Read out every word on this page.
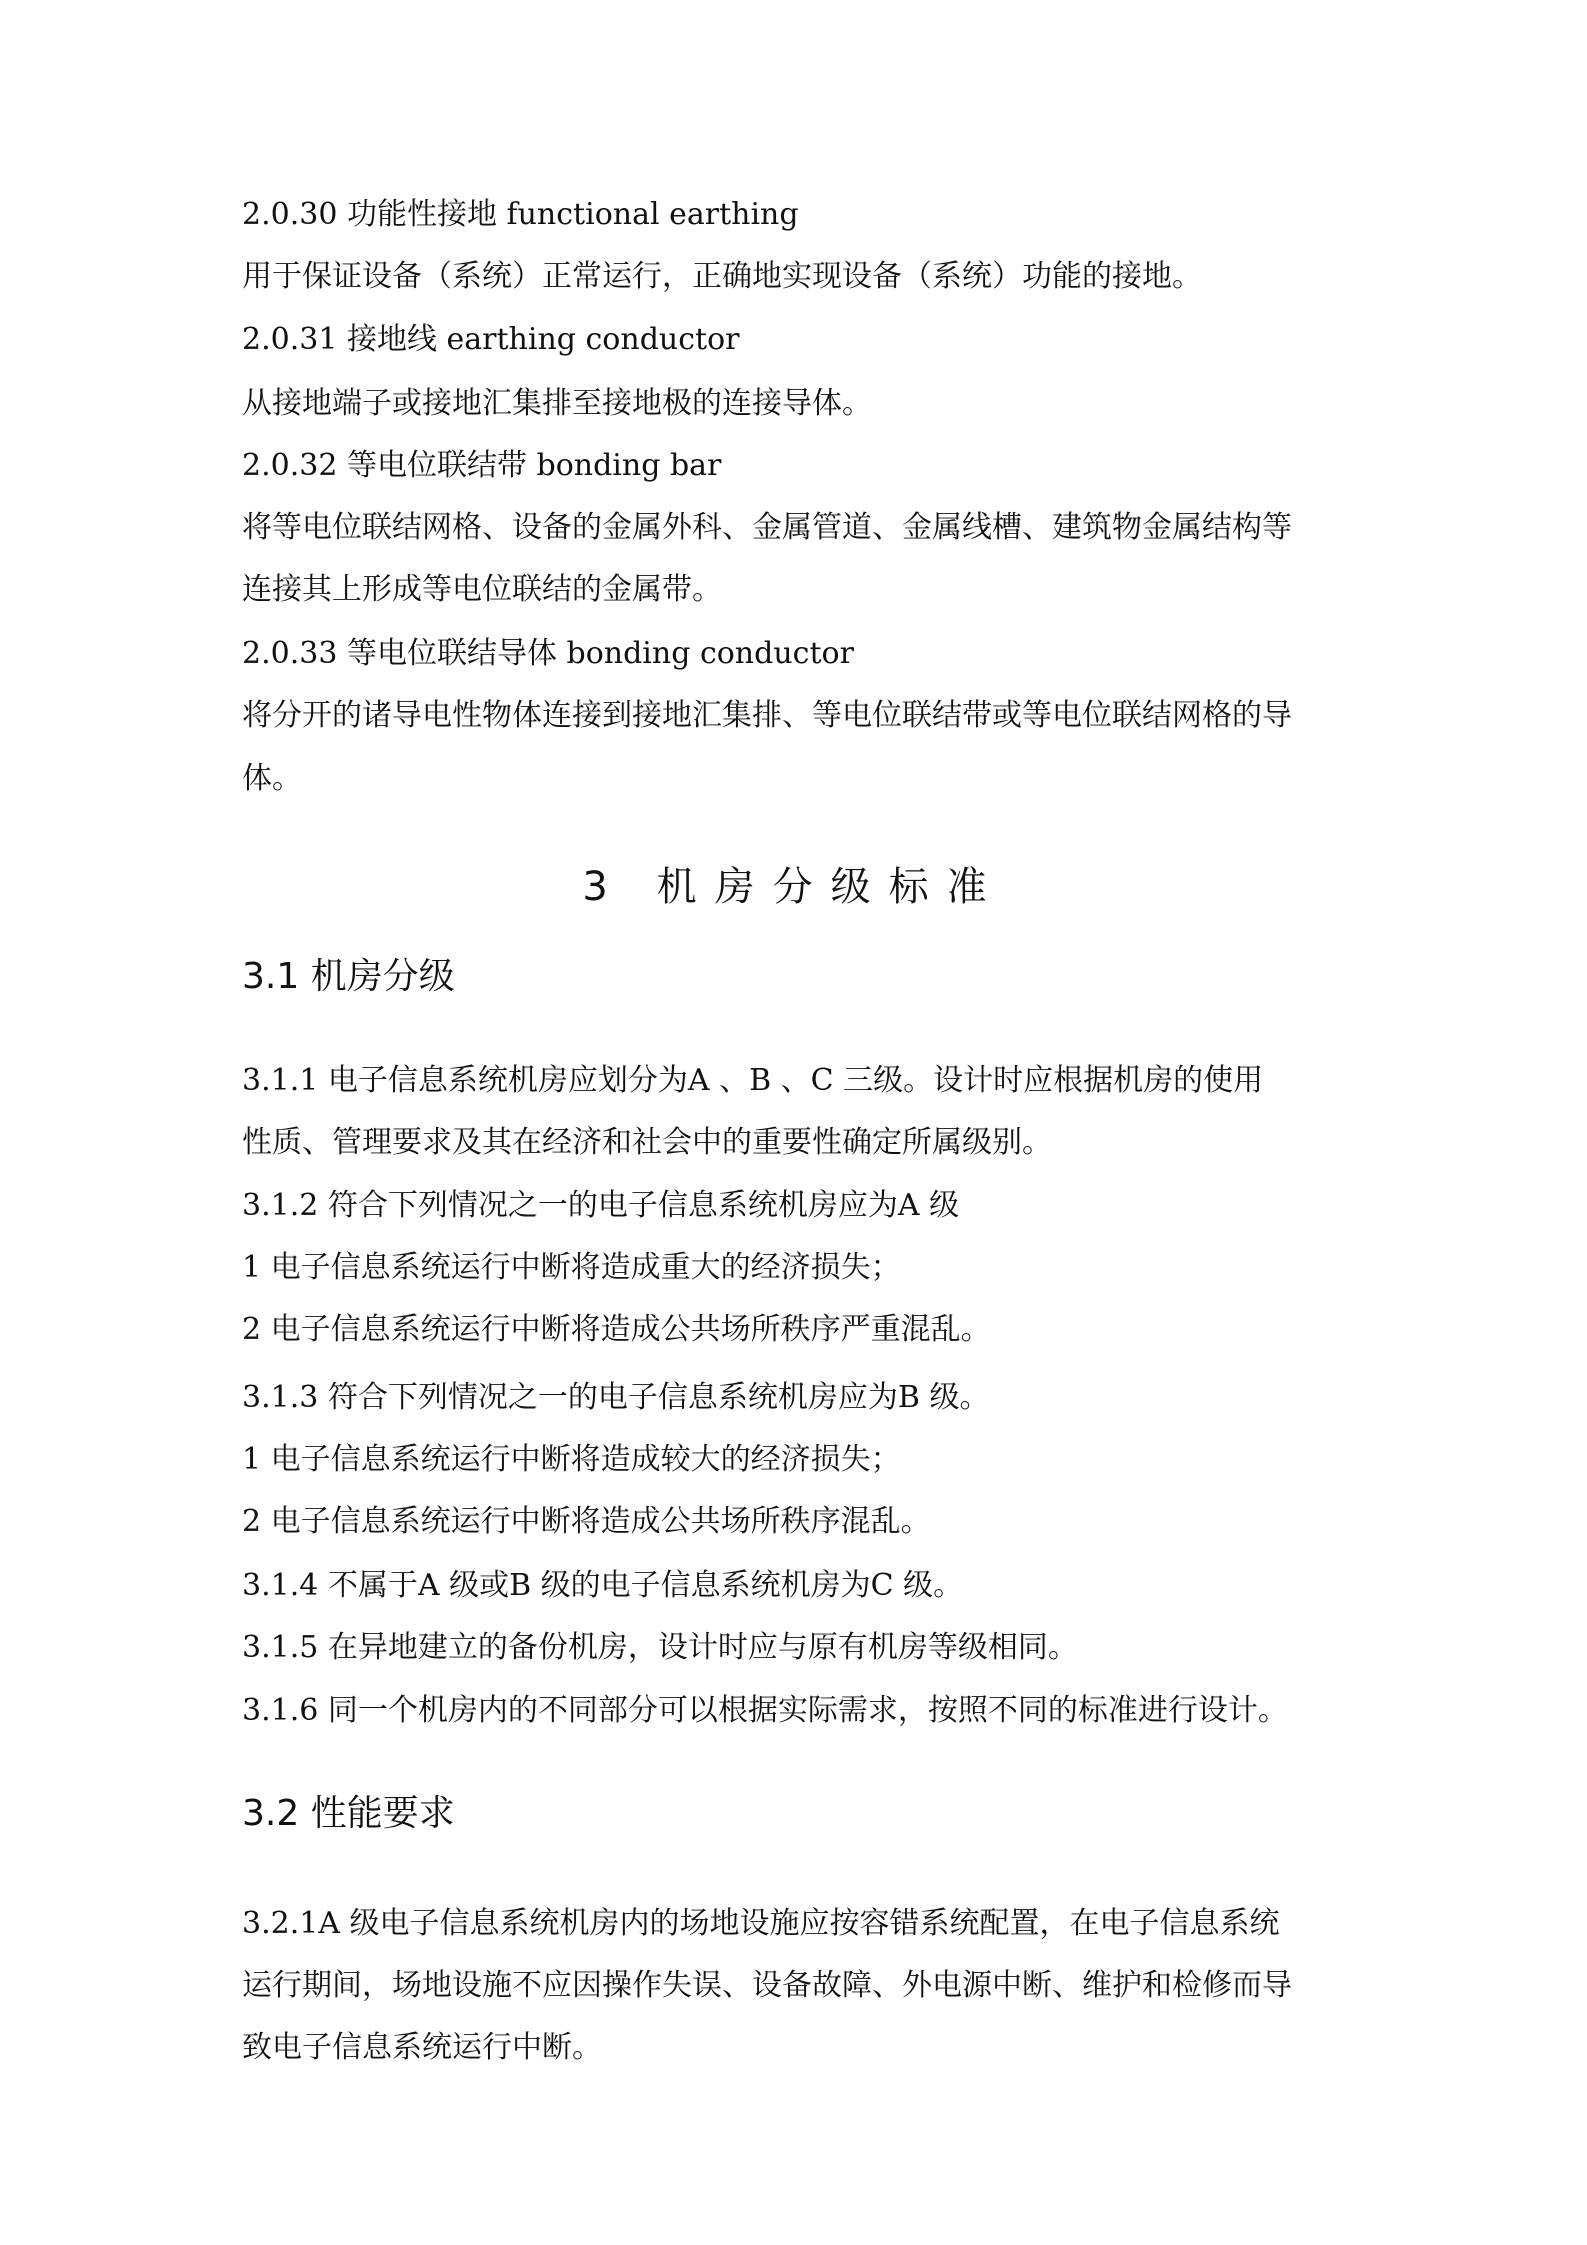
2.0.30 功能性接地 functional earthing
用于保证设备（系统）正常运行，正确地实现设备（系统）功能的接地。
2.0.31 接地线 earthing conductor
从接地端子或接地汇集排至接地极的连接导体。
2.0.32 等电位联结带 bonding bar
将等电位联结网格、设备的金属外科、金属管道、金属线槽、建筑物金属结构等
连接其上形成等电位联结的金属带。
2.0.33 等电位联结导体 bonding conductor
将分开的诸导电性物体连接到接地汇集排、等电位联结带或等电位联结网格的导
体。
3 机房分级标准
3.1 机房分级
3.1.1 电子信息系统机房应划分为A 、B 、C 三级。设计时应根据机房的使用
性质、管理要求及其在经济和社会中的重要性确定所属级别。
3.1.2 符合下列情况之一的电子信息系统机房应为A 级
1 电子信息系统运行中断将造成重大的经济损失；
2 电子信息系统运行中断将造成公共场所秩序严重混乱。
3.1.3 符合下列情况之一的电子信息系统机房应为B 级。
1 电子信息系统运行中断将造成较大的经济损失；
2 电子信息系统运行中断将造成公共场所秩序混乱。
3.1.4 不属于A 级或B 级的电子信息系统机房为C 级。
3.1.5 在异地建立的备份机房，设计时应与原有机房等级相同。
3.1.6 同一个机房内的不同部分可以根据实际需求，按照不同的标准进行设计。
3.2 性能要求
3.2.1A 级电子信息系统机房内的场地设施应按容错系统配置，在电子信息系统
运行期间，场地设施不应因操作失误、设备故障、外电源中断、维护和检修而导
致电子信息系统运行中断。
